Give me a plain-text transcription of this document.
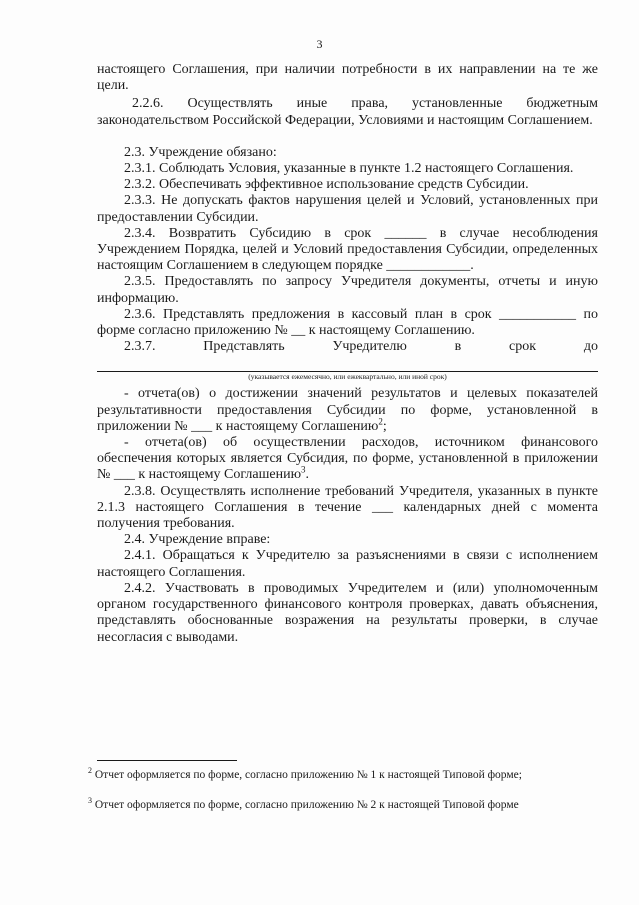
3

настоящего Соглашения, при наличии потребности в их направлении на те же цели.

2.2.6. Осуществлять иные права, установленные бюджетным законодательством Российской Федерации, Условиями и настоящим Соглашением.

2.3. Учреждение обязано:

2.3.1. Соблюдать Условия, указанные в пункте 1.2 настоящего Соглашения.

2.3.2. Обеспечивать эффективное использование средств Субсидии.

2.3.3. Не допускать фактов нарушения целей и Условий, установленных при предоставлении Субсидии.

2.3.4. Возвратить Субсидию в срок ______ в случае несоблюдения Учреждением Порядка, целей и Условий предоставления Субсидии, определенных настоящим Соглашением в следующем порядке ____________.

2.3.5. Предоставлять по запросу Учредителя документы, отчеты и иную информацию.

2.3.6. Представлять предложения в кассовый план в срок ___________ по форме согласно приложению № __ к настоящему Соглашению.

2.3.7. Представлять Учредителю в срок до

(указывается ежемесячно, или ежеквартально, или иной срок)

- отчета(ов) о достижении значений результатов и целевых показателей результативности предоставления Субсидии по форме, установленной в приложении № ___ к настоящему Соглашению$^2$;

- отчета(ов) об осуществлении расходов, источником финансового обеспечения которых является Субсидия, по форме, установленной в приложении № ___ к настоящему Соглашению$^3$.

2.3.8. Осуществлять исполнение требований Учредителя, указанных в пункте 2.1.3 настоящего Соглашения в течение ___ календарных дней с момента получения требования.

2.4. Учреждение вправе:

2.4.1. Обращаться к Учредителю за разъяснениями в связи с исполнением настоящего Соглашения.

2.4.2. Участвовать в проводимых Учредителем и (или) уполномоченным органом государственного финансового контроля проверках, давать объяснения, представлять обоснованные возражения на результаты проверки, в случае несогласия с выводами.

$^2$ Отчет оформляется по форме, согласно приложению № 1 к настоящей Типовой форме;
$^3$ Отчет оформляется по форме, согласно приложению № 2 к настоящей Типовой форме
